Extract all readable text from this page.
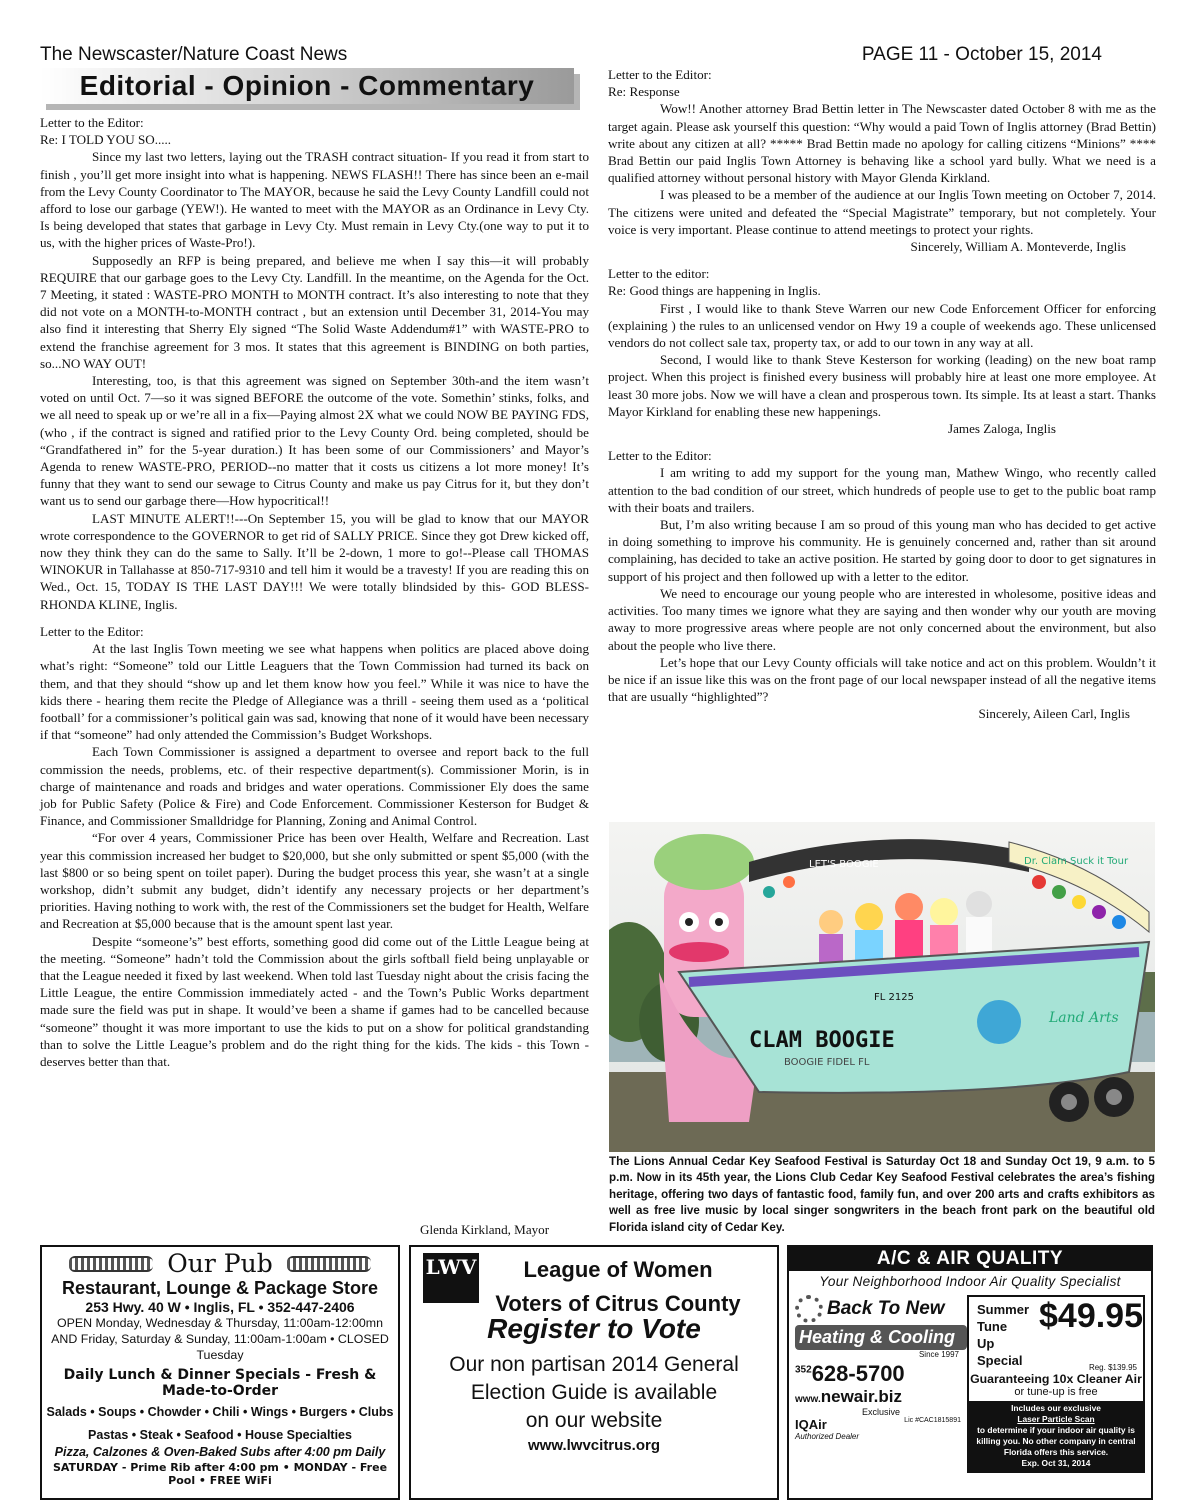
The Newscaster/Nature Coast News	PAGE 11 - October 15, 2014
Editorial - Opinion - Commentary

Letter to the Editor:

Re: I TOLD YOU SO.....

Since my last two letters, laying out the TRASH contract situation- If you read it from start to finish , you’ll get more insight into what is happening. NEWS FLASH!! There has since been an e-mail from the Levy County Coordinator to The MAYOR, because he said the Levy County Landfill could not afford to lose our garbage (YEW!). He wanted to meet with the MAYOR as an Ordinance in Levy Cty. Is being developed that states that garbage in Levy Cty. Must remain in Levy Cty.(one way to put it to us, with the higher prices of Waste-Pro!).

Supposedly an RFP is being prepared, and believe me when I say this—it will probably REQUIRE that our garbage goes to the Levy Cty. Landfill. In the meantime, on the Agenda for the Oct. 7 Meeting, it stated : WASTE-PRO MONTH to MONTH contract. It’s also interesting to note that they did not vote on a MONTH-to-MONTH contract , but an extension until December 31, 2014-You may also find it interesting that Sherry Ely signed “The Solid Waste Addendum#1” with WASTE-PRO to extend the franchise agreement for 3 mos. It states that this agreement is BINDING on both parties, so...NO WAY OUT!

Interesting, too, is that this agreement was signed on September 30th-and the item wasn’t voted on until Oct. 7—so it was signed BEFORE the outcome of the vote. Somethin’ stinks, folks, and we all need to speak up or we’re all in a fix—Paying almost 2X what we could NOW BE PAYING FDS, (who , if the contract is signed and ratified prior to the Levy County Ord. being completed, should be “Grandfathered in” for the 5-year duration.) It has been some of our Commissioners’ and Mayor’s Agenda to renew WASTE-PRO, PERIOD--no matter that it costs us citizens a lot more money! It’s funny that they want to send our sewage to Citrus County and make us pay Citrus for it, but they don’t want us to send our garbage there—How hypocritical!!

LAST MINUTE ALERT!!---On September 15, you will be glad to know that our MAYOR wrote correspondence to the GOVERNOR to get rid of SALLY PRICE. Since they got Drew kicked off, now they think they can do the same to Sally. It’ll be 2-down, 1 more to go!--Please call THOMAS WINOKUR in Tallahasse at 850-717-9310 and tell him it would be a travesty! If you are reading this on Wed., Oct. 15, TODAY IS THE LAST DAY!!! We were totally blindsided by this- GOD BLESS-RHONDA KLINE, Inglis.

Letter to the Editor:

At the last Inglis Town meeting we see what happens when politics are placed above doing what’s right: “Someone” told our Little Leaguers that the Town Commission had turned its back on them, and that they should “show up and let them know how you feel.” While it was nice to have the kids there - hearing them recite the Pledge of Allegiance was a thrill - seeing them used as a ‘political football’ for a commissioner’s political gain was sad, knowing that none of it would have been necessary if that “someone” had only attended the Commission’s Budget Workshops.

Each Town Commissioner is assigned a department to oversee and report back to the full commission the needs, problems, etc. of their respective department(s). Commissioner Morin, is in charge of maintenance and roads and bridges and water operations. Commissioner Ely does the same job for Public Safety (Police & Fire) and Code Enforcement. Commissioner Kesterson for Budget & Finance, and Commissioner Smalldridge for Planning, Zoning and Animal Control.

“For over 4 years, Commissioner Price has been over Health, Welfare and Recreation. Last year this commission increased her budget to $20,000, but she only submitted or spent $5,000 (with the last $800 or so being spent on toilet paper). During the budget process this year, she wasn’t at a single workshop, didn’t submit any budget, didn’t identify any necessary projects or her department’s priorities. Having nothing to work with, the rest of the Commissioners set the budget for Health, Welfare and Recreation at $5,000 because that is the amount spent last year.

Despite “someone’s” best efforts, something good did come out of the Little League being at the meeting. “Someone” hadn’t told the Commission about the girls softball field being unplayable or that the League needed it fixed by last weekend. When told last Tuesday night about the crisis facing the Little League, the entire Commission immediately acted - and the Town’s Public Works department made sure the field was put in shape. It would’ve been a shame if games had to be cancelled because “someone” thought it was more important to use the kids to put on a show for political grandstanding than to solve the Little League’s problem and do the right thing for the kids. The kids - this Town - deserves better than that.

Glenda Kirkland, Mayor

Letter to the Editor:

Re: Response

Wow!! Another attorney Brad Bettin letter in The Newscaster dated October 8 with me as the target again. Please ask yourself this question: “Why would a paid Town of Inglis attorney (Brad Bettin) write about any citizen at all? ***** Brad Bettin made no apology for calling citizens “Minions” **** Brad Bettin our paid Inglis Town Attorney is behaving like a school yard bully. What we need is a qualified attorney without personal history with Mayor Glenda Kirkland.

I was pleased to be a member of the audience at our Inglis Town meeting on October 7, 2014. The citizens were united and defeated the “Special Magistrate” temporary, but not completely. Your voice is very important. Please continue to attend meetings to protect your rights.

Sincerely, William A. Monteverde, Inglis

Letter to the editor:

Re: Good things are happening in Inglis.

First , I would like to thank Steve Warren our new Code Enforcement Officer for enforcing (explaining ) the rules to an unlicensed vendor on Hwy 19 a couple of weekends ago. These unlicensed vendors do not collect sale tax, property tax, or add to our town in any way at all.

Second, I would like to thank Steve Kesterson for working (leading) on the new boat ramp project. When this project is finished every business will probably hire at least one more employee. At least 30 more jobs. Now we will have a clean and prosperous town. Its simple. Its at least a start. Thanks Mayor Kirkland for enabling these new happenings.

James Zaloga, Inglis

Letter to the Editor:

I am writing to add my support for the young man, Mathew Wingo, who recently called attention to the bad condition of our street, which hundreds of people use to get to the public boat ramp with their boats and trailers.

But, I’m also writing because I am so proud of this young man who has decided to get active in doing something to improve his community. He is genuinely concerned and, rather than sit around complaining, has decided to take an active position. He started by going door to door to get signatures in support of his project and then followed up with a letter to the editor.

We need to encourage our young people who are interested in wholesome, positive ideas and activities. Too many times we ignore what they are saying and then wonder why our youth are moving away to more progressive areas where people are not only concerned about the environment, but also about the people who live there.

Let’s hope that our Levy County officials will take notice and act on this problem. Wouldn’t it be nice if an issue like this was on the front page of our local newspaper instead of all the negative items that are usually “highlighted”?

Sincerely, Aileen Carl, Inglis

Dr. Clam Suck it Tour
LET'S BOOGIE
CLAM BOOGIE
BOOGIE FIDEL FL
FL 2125
Land Arts
The Lions Annual Cedar Key Seafood Festival is Saturday Oct 18 and Sunday Oct 19, 9 a.m. to 5 p.m. Now in its 45th year, the Lions Club Cedar Key Seafood Festival celebrates the area’s fishing heritage, offering two days of fantastic food, family fun, and over 200 arts and crafts exhibitors as well as free live music by local singer songwriters in the beach front park on the beautiful old Florida island city of Cedar Key.
Our Pub
Restaurant, Lounge & Package Store
253 Hwy. 40 W • Inglis, FL • 352-447-2406
OPEN Monday, Wednesday & Thursday, 11:00am-12:00mn
AND Friday, Saturday & Sunday, 11:00am-1:00am • CLOSED Tuesday
Daily Lunch & Dinner Specials - Fresh & Made-to-Order
Salads • Soups • Chowder • Chili • Wings • Burgers • Clubs
Pastas • Steak • Seafood • House Specialties
Pizza, Calzones & Oven-Baked Subs after 4:00 pm Daily
SATURDAY - Prime Rib after 4:00 pm • MONDAY - Free Pool • FREE WiFi
LWV	League of Women
Voters of Citrus County
Register to Vote
Our non partisan 2014 General
Election Guide is available
on our website
www.lwvcitrus.org
A/C & AIR QUALITY
Your Neighborhood Indoor Air Quality Specialist
Back To New
Heating & Cooling
Since 1997
$^{352}$628-5700
www.newair.biz
Exclusive
IQAir	Lic #CAC1815891
Authorized Dealer
Summer Tune
Up Special
$49.95
Reg. $139.95
Guaranteeing 10x Cleaner Air
or tune-up is free
Includes our exclusive
Laser Particle Scan
to determine if your indoor air quality is killing you. No other company in central Florida offers this service.
Exp. Oct 31, 2014
